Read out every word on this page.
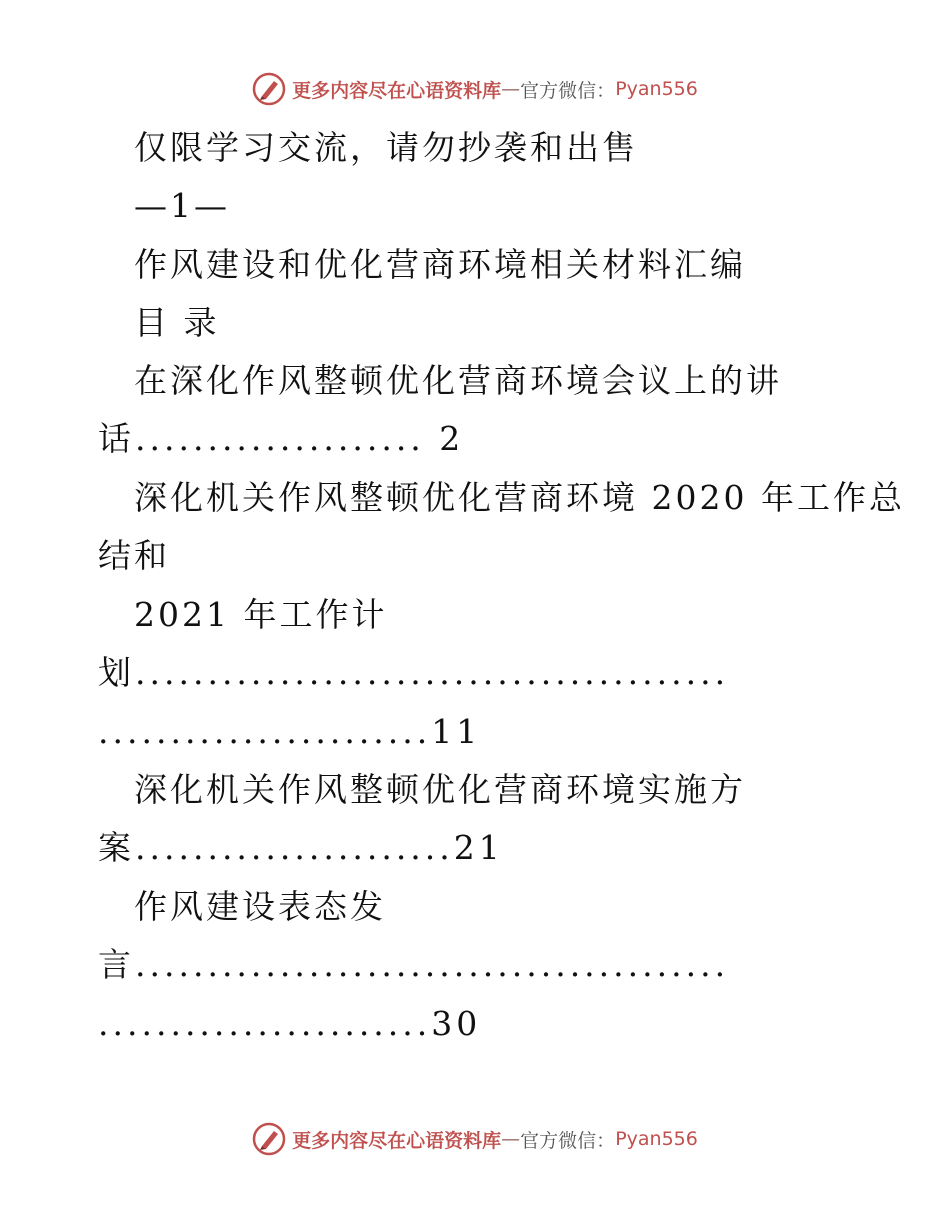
更多内容尽在心语资料库 — 官方微信： Pyan556
仅限学习交流，请勿抄袭和出售
—1—
作风建设和优化营商环境相关材料汇编
目 录
在深化作风整顿优化营商环境会议上的讲
话.................... 2
深化机关作风整顿优化营商环境 2020 年工作总
结和
2021 年工作计
划.........................................
.......................11
深化机关作风整顿优化营商环境实施方
案......................21
作风建设表态发
言.........................................
.......................30
更多内容尽在心语资料库 — 官方微信： Pyan556
